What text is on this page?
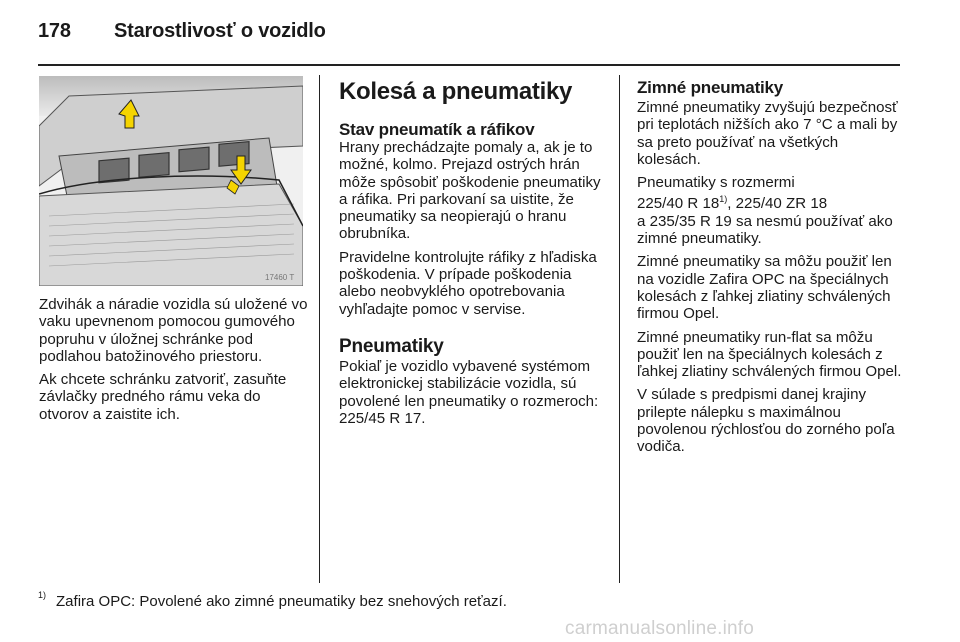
178 Starostlivosť o vozidlo
17460 T

Zdvihák a náradie vozidla sú uložené vo vaku upevnenom pomocou gumového popruhu v úložnej schránke pod podlahou batožinového priestoru.

Ak chcete schránku zatvoriť, zasuňte závlačky predného rámu veka do otvorov a zaistite ich.

Kolesá a pneumatiky
Stav pneumatík a ráfikov

Hrany prechádzajte pomaly a, ak je to možné, kolmo. Prejazd ostrých hrán môže spôsobiť poškodenie pneumatiky a ráfika. Pri parkovaní sa uistite, že pneumatiky sa neopierajú o hranu obrubníka.

Pravidelne kontrolujte ráfiky z hľadiska poškodenia. V prípade poškodenia alebo neobvyklého opotrebovania vyhľadajte pomoc v servise.

Pneumatiky

Pokiaľ je vozidlo vybavené systémom elektronickej stabilizácie vozidla, sú povolené len pneumatiky o rozmeroch: 225/45 R 17.

Zimné pneumatiky

Zimné pneumatiky zvyšujú bezpečnosť pri teplotách nižších ako 7 °C a mali by sa preto používať na všetkých kolesách.

Pneumatiky s rozmermi
225/40 R 18$^{1)}$, 225/40 ZR 18
a 235/35 R 19 sa nesmú používať ako zimné pneumatiky.

Zimné pneumatiky sa môžu použiť len na vozidle Zafira OPC na špeciálnych kolesách z ľahkej zliatiny schválených firmou Opel.

Zimné pneumatiky run-flat sa môžu použiť len na špeciálnych kolesách z ľahkej zliatiny schválených firmou Opel.

V súlade s predpismi danej krajiny prilepte nálepku s maximálnou povolenou rýchlosťou do zorného poľa vodiča.

$^{1)}$ Zafira OPC: Povolené ako zimné pneumatiky bez snehových reťazí.
carmanualsonline.info
